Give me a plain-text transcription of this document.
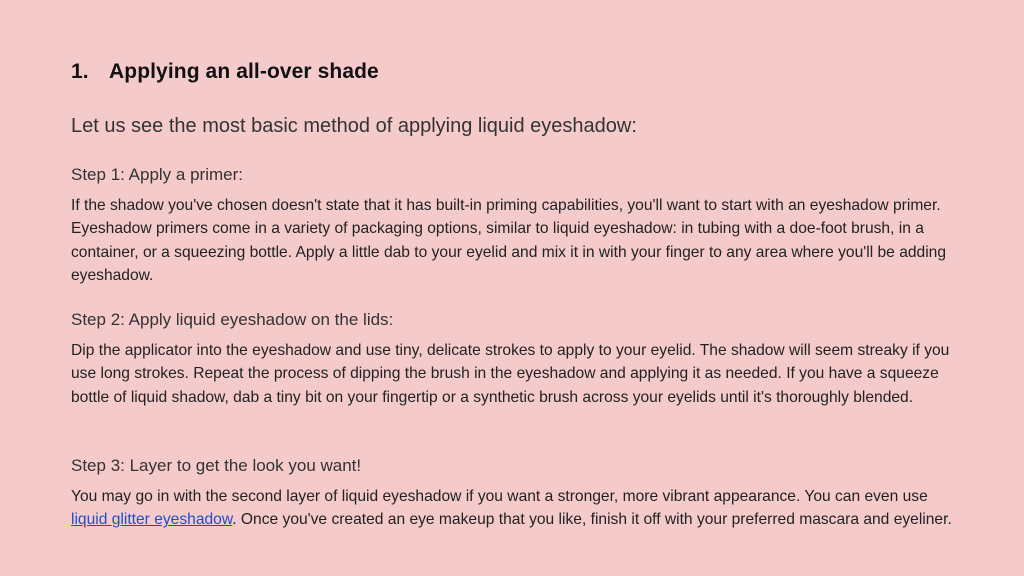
1. Applying an all-over shade

Let us see the most basic method of applying liquid eyeshadow:

Step 1: Apply a primer:

If the shadow you've chosen doesn't state that it has built-in priming capabilities, you'll want to start with an eyeshadow primer. Eyeshadow primers come in a variety of packaging options, similar to liquid eyeshadow: in tubing with a doe-foot brush, in a container, or a squeezing bottle. Apply a little dab to your eyelid and mix it in with your finger to any area where you'll be adding eyeshadow.

Step 2: Apply liquid eyeshadow on the lids:

Dip the applicator into the eyeshadow and use tiny, delicate strokes to apply to your eyelid. The shadow will seem streaky if you use long strokes. Repeat the process of dipping the brush in the eyeshadow and applying it as needed. If you have a squeeze bottle of liquid shadow, dab a tiny bit on your fingertip or a synthetic brush across your eyelids until it's thoroughly blended.

Step 3: Layer to get the look you want!

You may go in with the second layer of liquid eyeshadow if you want a stronger, more vibrant appearance. You can even use liquid glitter eyeshadow. Once you've created an eye makeup that you like, finish it off with your preferred mascara and eyeliner.
